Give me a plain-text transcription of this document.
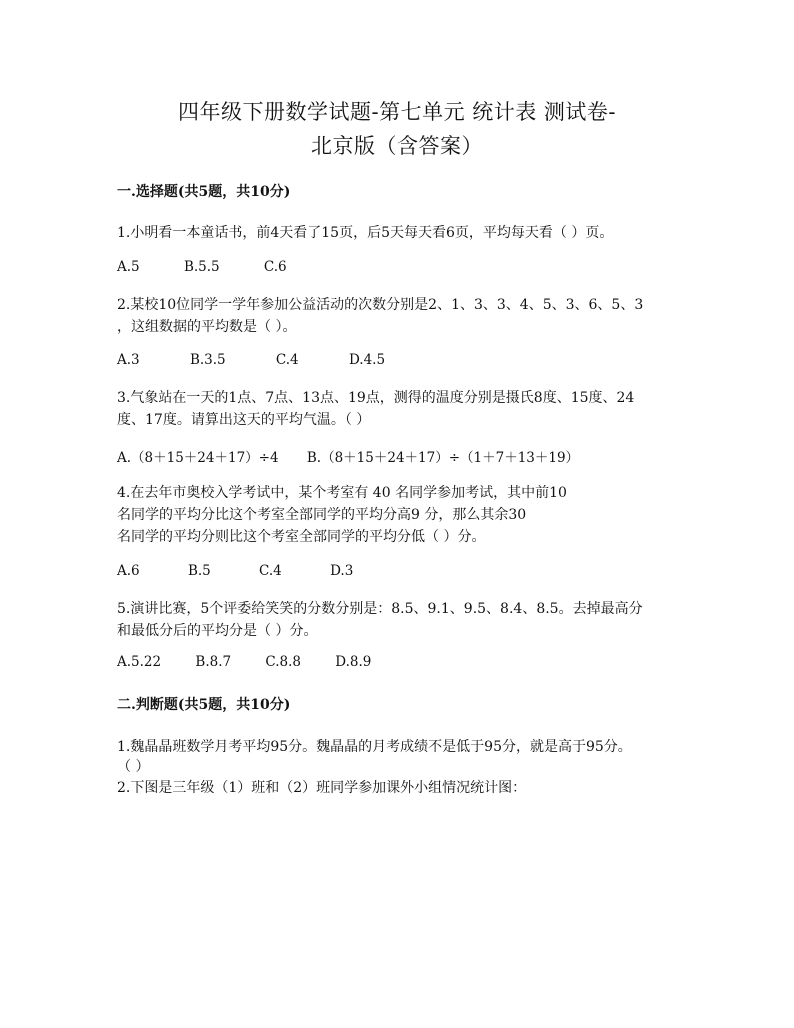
四年级下册数学试题-第七单元 统计表 测试卷-
北京版（含答案）
一.选择题(共5题，共10分)
1.小明看一本童话书，前4天看了15页，后5天每天看6页，平均每天看（ ）页。
A.5	B.5.5	C.6
2.某校10位同学一学年参加公益活动的次数分别是2、1、3、3、4、5、3、6、5、3
，这组数据的平均数是（ ）。
A.3	B.3.5	C.4	D.4.5
3.气象站在一天的1点、7点、13点、19点，测得的温度分别是摄氏8度、15度、24
度、17度。请算出这天的平均气温。（ ）
A.（8＋15＋24＋17）÷4 B.（8＋15＋24＋17）÷（1＋7＋13＋19）
4.在去年市奥校入学考试中，某个考室有 40 名同学参加考试，其中前10
名同学的平均分比这个考室全部同学的平均分高9 分，那么其余30
名同学的平均分则比这个考室全部同学的平均分低（ ）分。
A.6	B.5	C.4	D.3
5.演讲比赛，5个评委给笑笑的分数分别是：8.5、9.1、9.5、8.4、8.5。去掉最高分
和最低分后的平均分是（ ）分。
A.5.22	B.8.7	C.8.8	D.8.9
二.判断题(共5题，共10分)
1.魏晶晶班数学月考平均95分。魏晶晶的月考成绩不是低于95分，就是高于95分。
（ ）
2.下图是三年级（1）班和（2）班同学参加课外小组情况统计图：
